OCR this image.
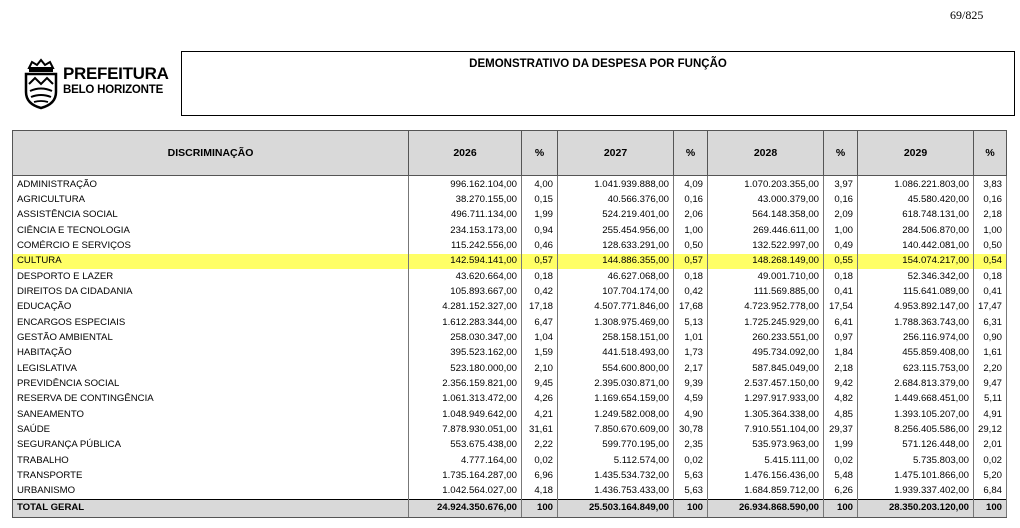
69/825
PREFEITURA
BELO HORIZONTE
DEMONSTRATIVO DA DESPESA POR FUNÇÃO
DISCRIMINAÇÃO	2026	%	2027	%	2028	%	2029	%
ADMINISTRAÇÃO	996.162.104,00	4,00	1.041.939.888,00	4,09	1.070.203.355,00	3,97	1.086.221.803,00	3,83
AGRICULTURA	38.270.155,00	0,15	40.566.376,00	0,16	43.000.379,00	0,16	45.580.420,00	0,16
ASSISTÊNCIA SOCIAL	496.711.134,00	1,99	524.219.401,00	2,06	564.148.358,00	2,09	618.748.131,00	2,18
CIÊNCIA E TECNOLOGIA	234.153.173,00	0,94	255.454.956,00	1,00	269.446.611,00	1,00	284.506.870,00	1,00
COMÉRCIO E SERVIÇOS	115.242.556,00	0,46	128.633.291,00	0,50	132.522.997,00	0,49	140.442.081,00	0,50
CULTURA	142.594.141,00	0,57	144.886.355,00	0,57	148.268.149,00	0,55	154.074.217,00	0,54
DESPORTO E LAZER	43.620.664,00	0,18	46.627.068,00	0,18	49.001.710,00	0,18	52.346.342,00	0,18
DIREITOS DA CIDADANIA	105.893.667,00	0,42	107.704.174,00	0,42	111.569.885,00	0,41	115.641.089,00	0,41
EDUCAÇÃO	4.281.152.327,00	17,18	4.507.771.846,00	17,68	4.723.952.778,00	17,54	4.953.892.147,00	17,47
ENCARGOS ESPECIAIS	1.612.283.344,00	6,47	1.308.975.469,00	5,13	1.725.245.929,00	6,41	1.788.363.743,00	6,31
GESTÃO AMBIENTAL	258.030.347,00	1,04	258.158.151,00	1,01	260.233.551,00	0,97	256.116.974,00	0,90
HABITAÇÃO	395.523.162,00	1,59	441.518.493,00	1,73	495.734.092,00	1,84	455.859.408,00	1,61
LEGISLATIVA	523.180.000,00	2,10	554.600.800,00	2,17	587.845.049,00	2,18	623.115.753,00	2,20
PREVIDÊNCIA SOCIAL	2.356.159.821,00	9,45	2.395.030.871,00	9,39	2.537.457.150,00	9,42	2.684.813.379,00	9,47
RESERVA DE CONTINGÊNCIA	1.061.313.472,00	4,26	1.169.654.159,00	4,59	1.297.917.933,00	4,82	1.449.668.451,00	5,11
SANEAMENTO	1.048.949.642,00	4,21	1.249.582.008,00	4,90	1.305.364.338,00	4,85	1.393.105.207,00	4,91
SAÚDE	7.878.930.051,00	31,61	7.850.670.609,00	30,78	7.910.551.104,00	29,37	8.256.405.586,00	29,12
SEGURANÇA PÚBLICA	553.675.438,00	2,22	599.770.195,00	2,35	535.973.963,00	1,99	571.126.448,00	2,01
TRABALHO	4.777.164,00	0,02	5.112.574,00	0,02	5.415.111,00	0,02	5.735.803,00	0,02
TRANSPORTE	1.735.164.287,00	6,96	1.435.534.732,00	5,63	1.476.156.436,00	5,48	1.475.101.866,00	5,20
URBANISMO	1.042.564.027,00	4,18	1.436.753.433,00	5,63	1.684.859.712,00	6,26	1.939.337.402,00	6,84
TOTAL GERAL	24.924.350.676,00	100	25.503.164.849,00	100	26.934.868.590,00	100	28.350.203.120,00	100
